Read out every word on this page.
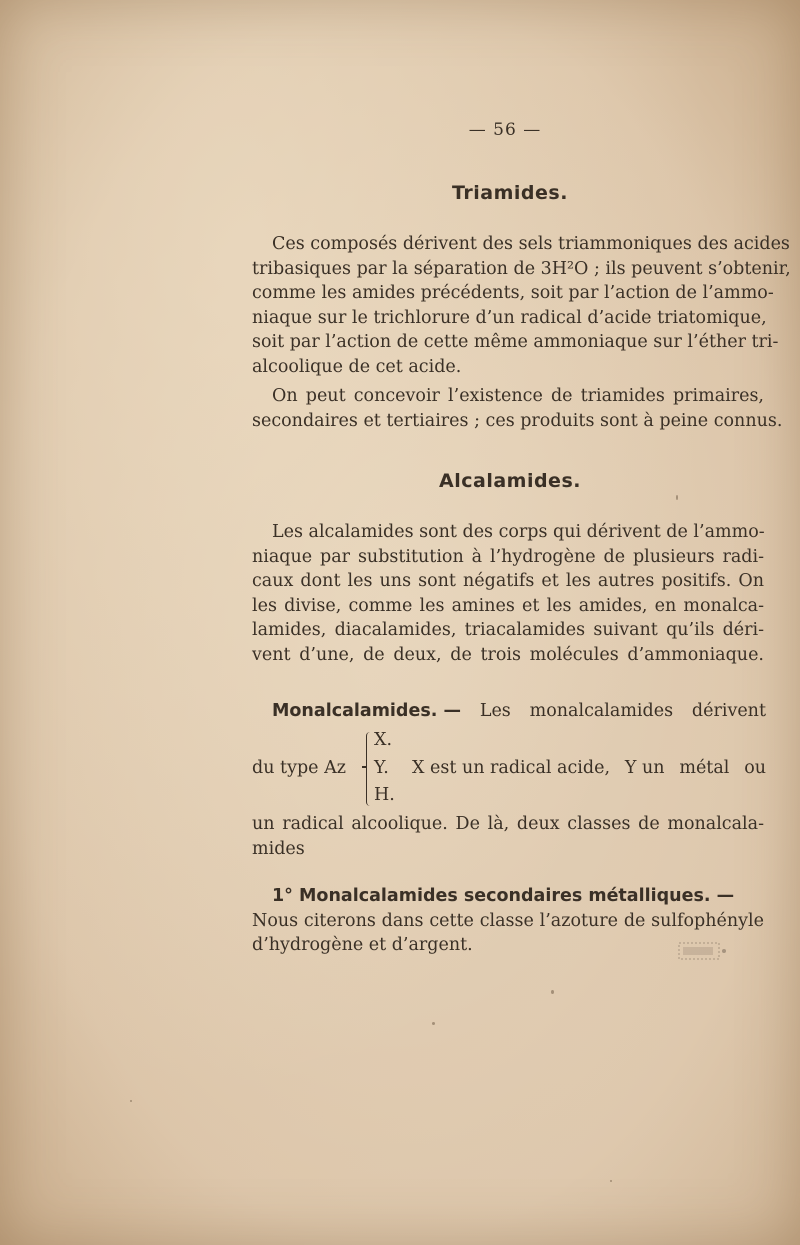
— 56 —
Triamides.

Ces composés dérivent des sels triammoniques des acides
tribasiques par la séparation de 3H²O ; ils peuvent s’obtenir,
comme les amides précédents, soit par l’action de l’ammo-
niaque sur le trichlorure d’un radical d’acide triatomique,
soit par l’action de cette même ammoniaque sur l’éther tri-
alcoolique de cet acide.

On peut concevoir l’existence de triamides primaires,
secondaires et tertiaires ; ces produits sont à peine connus.

Alcalamides.

Les alcalamides sont des corps qui dérivent de l’ammo-
niaque par substitution à l’hydrogène de plusieurs radi-
caux dont les uns sont négatifs et les autres positifs. On
les divise, comme les amines et les amides, en monalca-
lamides, diacalamides, triacalamides suivant qu’ils déri-
vent d’une, de deux, de trois molécules d’ammoniaque.

Monalcalamides. — Les monalcalamides dérivent
du type Az
X.
Y.
H.
X est un radical acide, Y un métal ou

un radical alcoolique. De là, deux classes de monalcala-
mides

1° Monalcalamides secondaires métalliques. —
Nous citerons dans cette classe l’azoture de sulfophényle
d’hydrogène et d’argent.
